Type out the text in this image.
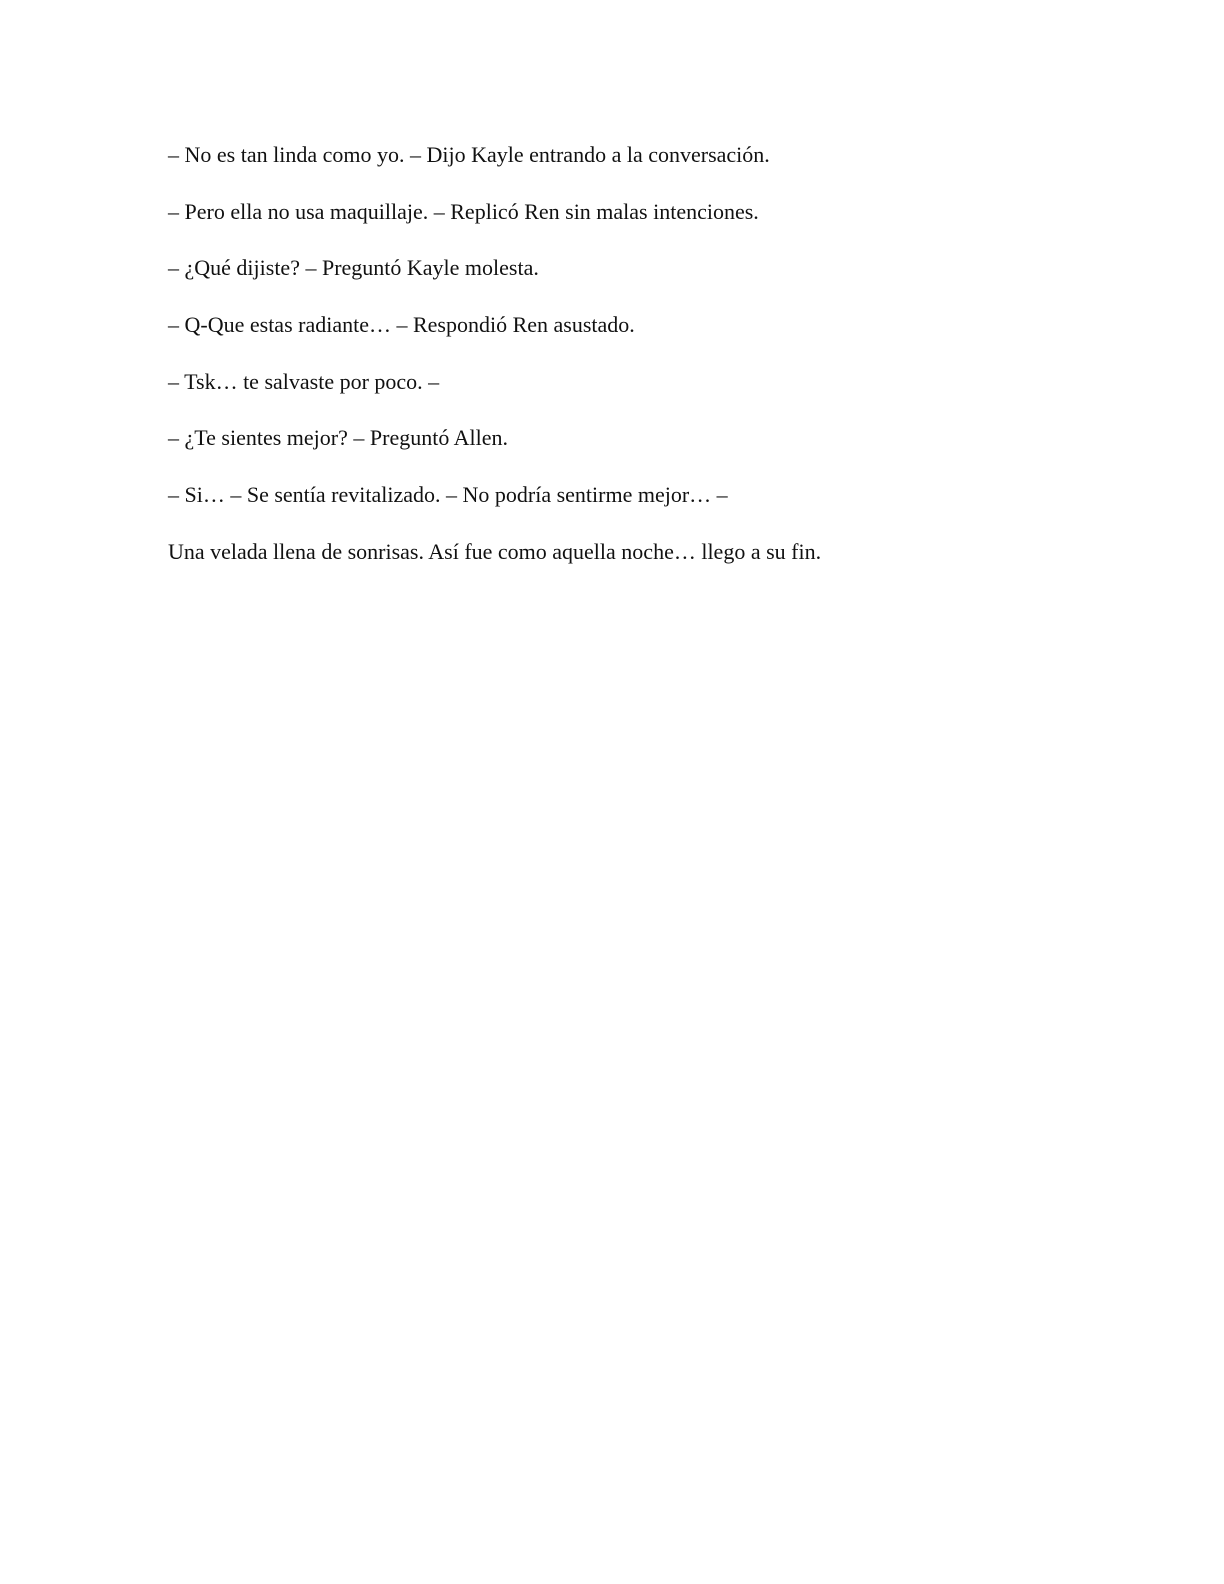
– No es tan linda como yo. – Dijo Kayle entrando a la conversación.

– Pero ella no usa maquillaje. – Replicó Ren sin malas intenciones.

– ¿Qué dijiste? – Preguntó Kayle molesta.

– Q-Que estas radiante… – Respondió Ren asustado.

– Tsk… te salvaste por poco. –

– ¿Te sientes mejor? – Preguntó Allen.

– Si… – Se sentía revitalizado. – No podría sentirme mejor… –

Una velada llena de sonrisas. Así fue como aquella noche… llego a su fin.
